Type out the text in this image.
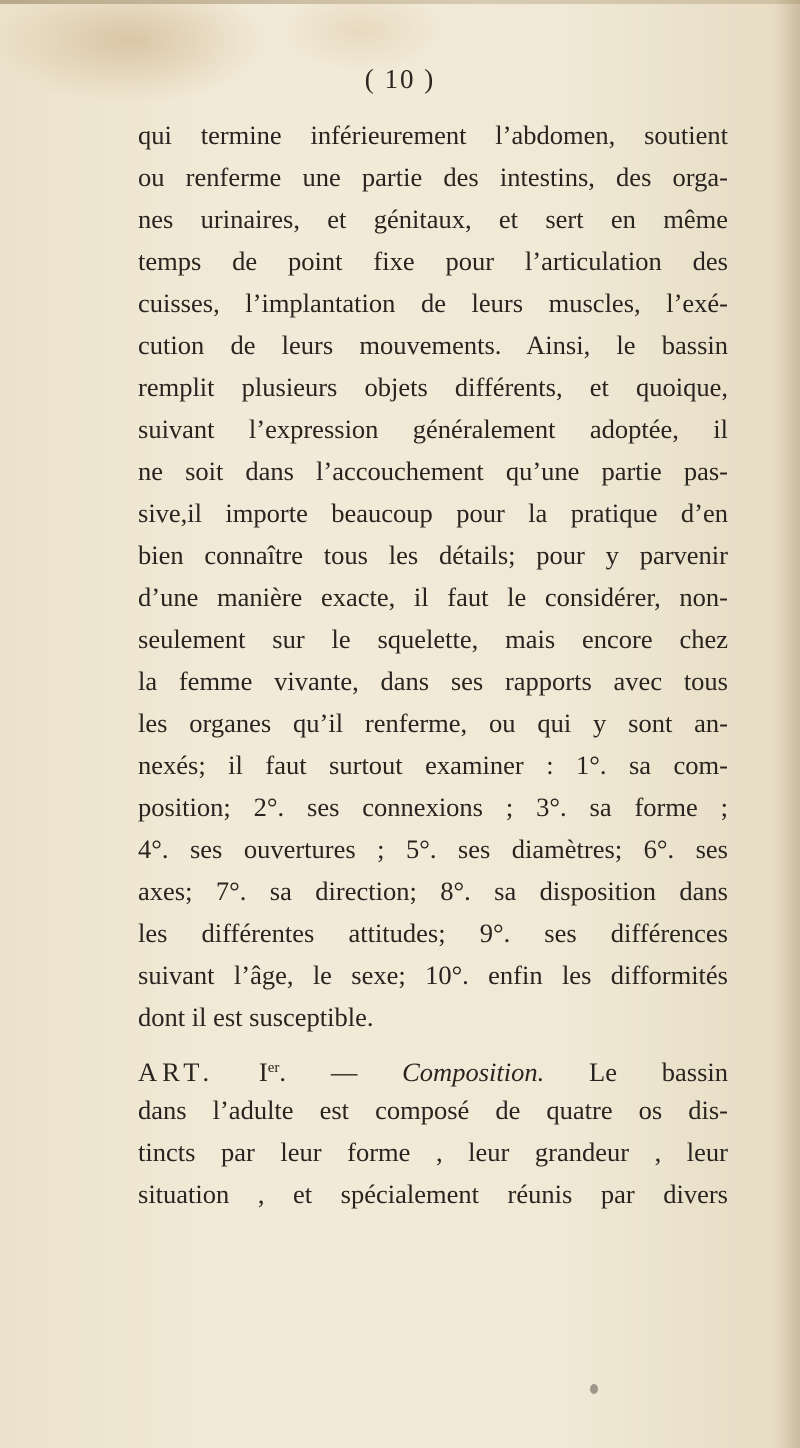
( 10 )
qui termine inférieurement l’abdomen, soutient
ou renferme une partie des intestins, des orga-
nes urinaires, et génitaux, et sert en même
temps de point fixe pour l’articulation des
cuisses, l’implantation de leurs muscles, l’exé-
cution de leurs mouvements. Ainsi, le bassin
remplit plusieurs objets différents, et quoique,
suivant l’expression généralement adoptée, il
ne soit dans l’accouchement qu’une partie pas-
sive,il importe beaucoup pour la pratique d’en
bien connaître tous les détails; pour y parvenir
d’une manière exacte, il faut le considérer, non-
seulement sur le squelette, mais encore chez
la femme vivante, dans ses rapports avec tous
les organes qu’il renferme, ou qui y sont an-
nexés; il faut surtout examiner : 1°. sa com-
position; 2°. ses connexions ; 3°. sa forme ;
4°. ses ouvertures ; 5°. ses diamètres; 6°. ses
axes; 7°. sa direction; 8°. sa disposition dans
les différentes attitudes; 9°. ses différences
suivant l’âge, le sexe; 10°. enfin les difformités
dont il est susceptible.
ART. Ier. — Composition. Le bassin
dans l’adulte est composé de quatre os dis-
tincts par leur forme , leur grandeur , leur
situation , et spécialement réunis par divers
